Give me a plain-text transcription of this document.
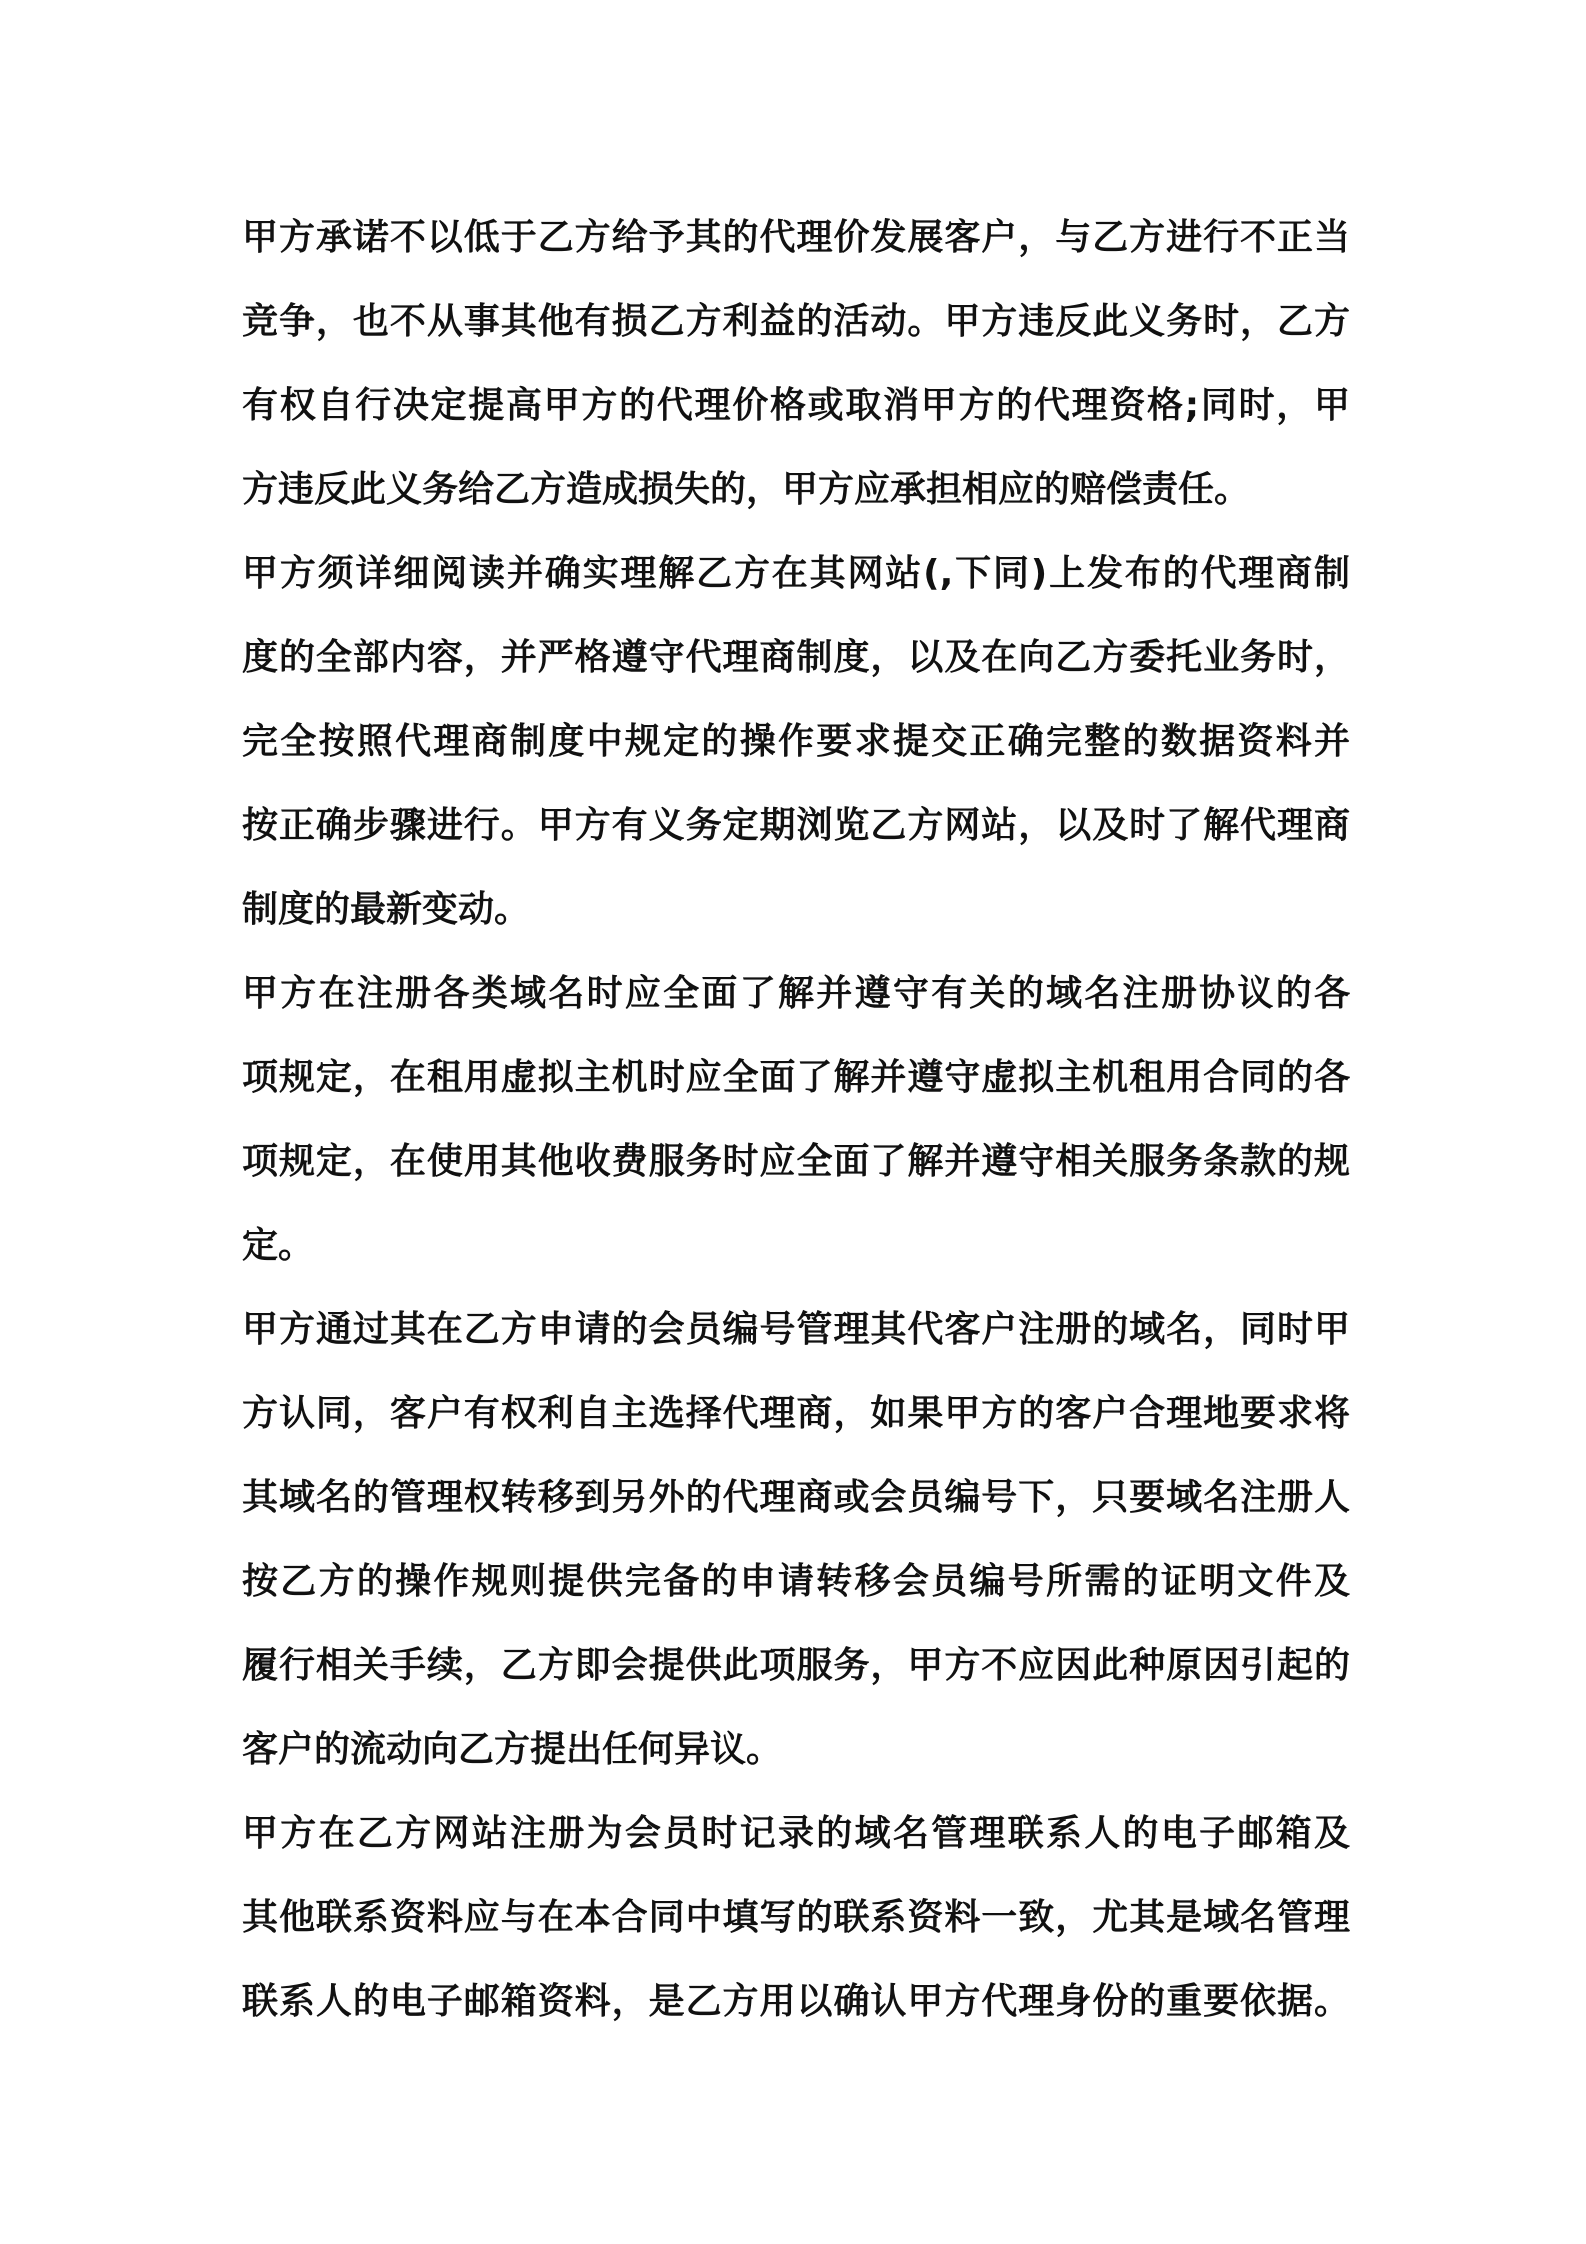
甲方承诺不以低于乙方给予其的代理价发展客户，与乙方进行不正当
竞争，也不从事其他有损乙方利益的活动。甲方违反此义务时，乙方
有权自行决定提高甲方的代理价格或取消甲方的代理资格;同时，甲
方违反此义务给乙方造成损失的，甲方应承担相应的赔偿责任。
甲方须详细阅读并确实理解乙方在其网站(,下同)上发布的代理商制
度的全部内容，并严格遵守代理商制度，以及在向乙方委托业务时，
完全按照代理商制度中规定的操作要求提交正确完整的数据资料并
按正确步骤进行。甲方有义务定期浏览乙方网站，以及时了解代理商
制度的最新变动。
甲方在注册各类域名时应全面了解并遵守有关的域名注册协议的各
项规定，在租用虚拟主机时应全面了解并遵守虚拟主机租用合同的各
项规定，在使用其他收费服务时应全面了解并遵守相关服务条款的规
定。
甲方通过其在乙方申请的会员编号管理其代客户注册的域名，同时甲
方认同，客户有权利自主选择代理商，如果甲方的客户合理地要求将
其域名的管理权转移到另外的代理商或会员编号下，只要域名注册人
按乙方的操作规则提供完备的申请转移会员编号所需的证明文件及
履行相关手续，乙方即会提供此项服务，甲方不应因此种原因引起的
客户的流动向乙方提出任何异议。
甲方在乙方网站注册为会员时记录的域名管理联系人的电子邮箱及
其他联系资料应与在本合同中填写的联系资料一致，尤其是域名管理
联系人的电子邮箱资料，是乙方用以确认甲方代理身份的重要依据。
